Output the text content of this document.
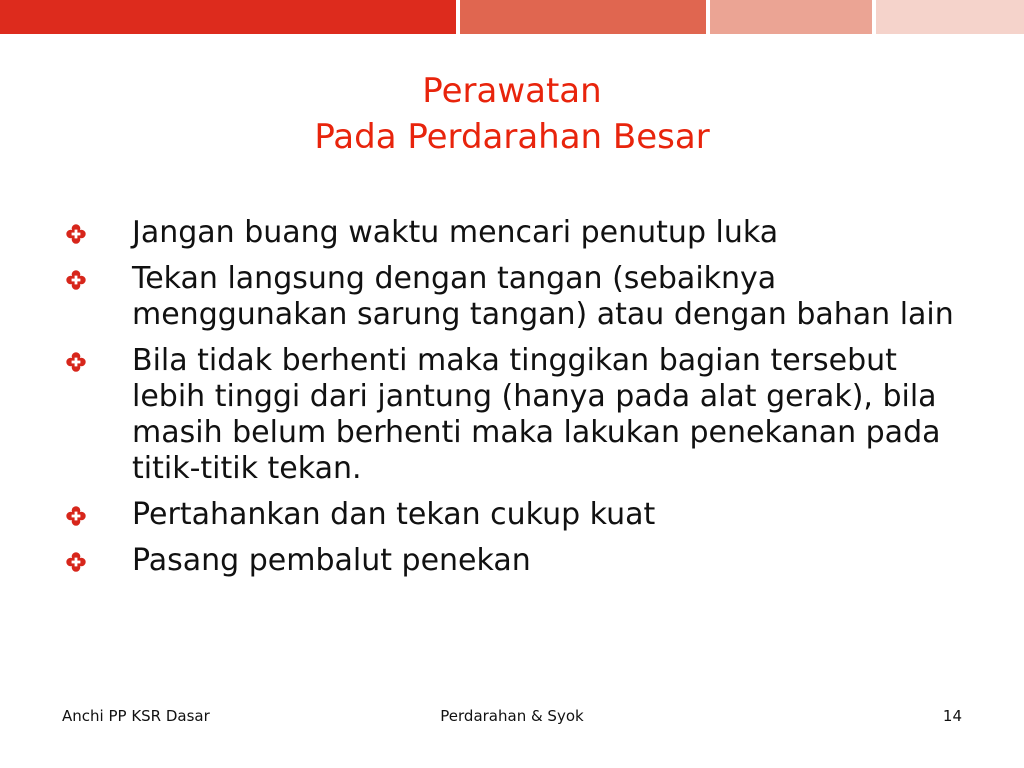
Perawatan
Pada Perdarahan Besar
Jangan buang waktu mencari penutup luka
Tekan langsung dengan tangan (sebaiknya menggunakan sarung tangan) atau dengan bahan lain
Bila tidak berhenti maka tinggikan bagian tersebut lebih tinggi dari jantung (hanya pada alat gerak), bila masih belum berhenti maka lakukan penekanan pada titik-titik tekan.
Pertahankan dan tekan cukup kuat
Pasang pembalut penekan
Anchi PP KSR Dasar	Perdarahan & Syok	14
